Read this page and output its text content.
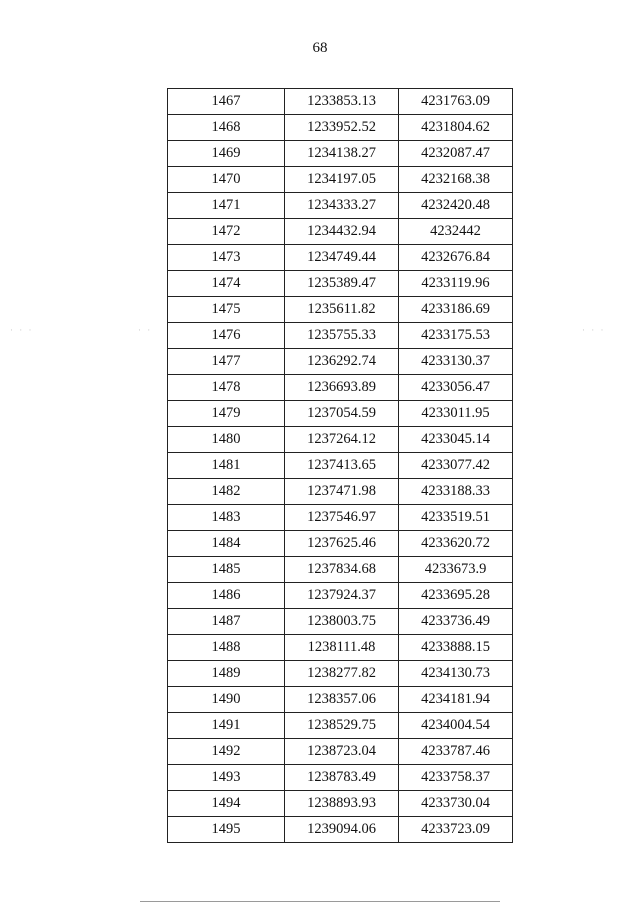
68
· · ·	· ·	· · ·
1467	1233853.13	4231763.09
1468	1233952.52	4231804.62
1469	1234138.27	4232087.47
1470	1234197.05	4232168.38
1471	1234333.27	4232420.48
1472	1234432.94	4232442
1473	1234749.44	4232676.84
1474	1235389.47	4233119.96
1475	1235611.82	4233186.69
1476	1235755.33	4233175.53
1477	1236292.74	4233130.37
1478	1236693.89	4233056.47
1479	1237054.59	4233011.95
1480	1237264.12	4233045.14
1481	1237413.65	4233077.42
1482	1237471.98	4233188.33
1483	1237546.97	4233519.51
1484	1237625.46	4233620.72
1485	1237834.68	4233673.9
1486	1237924.37	4233695.28
1487	1238003.75	4233736.49
1488	1238111.48	4233888.15
1489	1238277.82	4234130.73
1490	1238357.06	4234181.94
1491	1238529.75	4234004.54
1492	1238723.04	4233787.46
1493	1238783.49	4233758.37
1494	1238893.93	4233730.04
1495	1239094.06	4233723.09
